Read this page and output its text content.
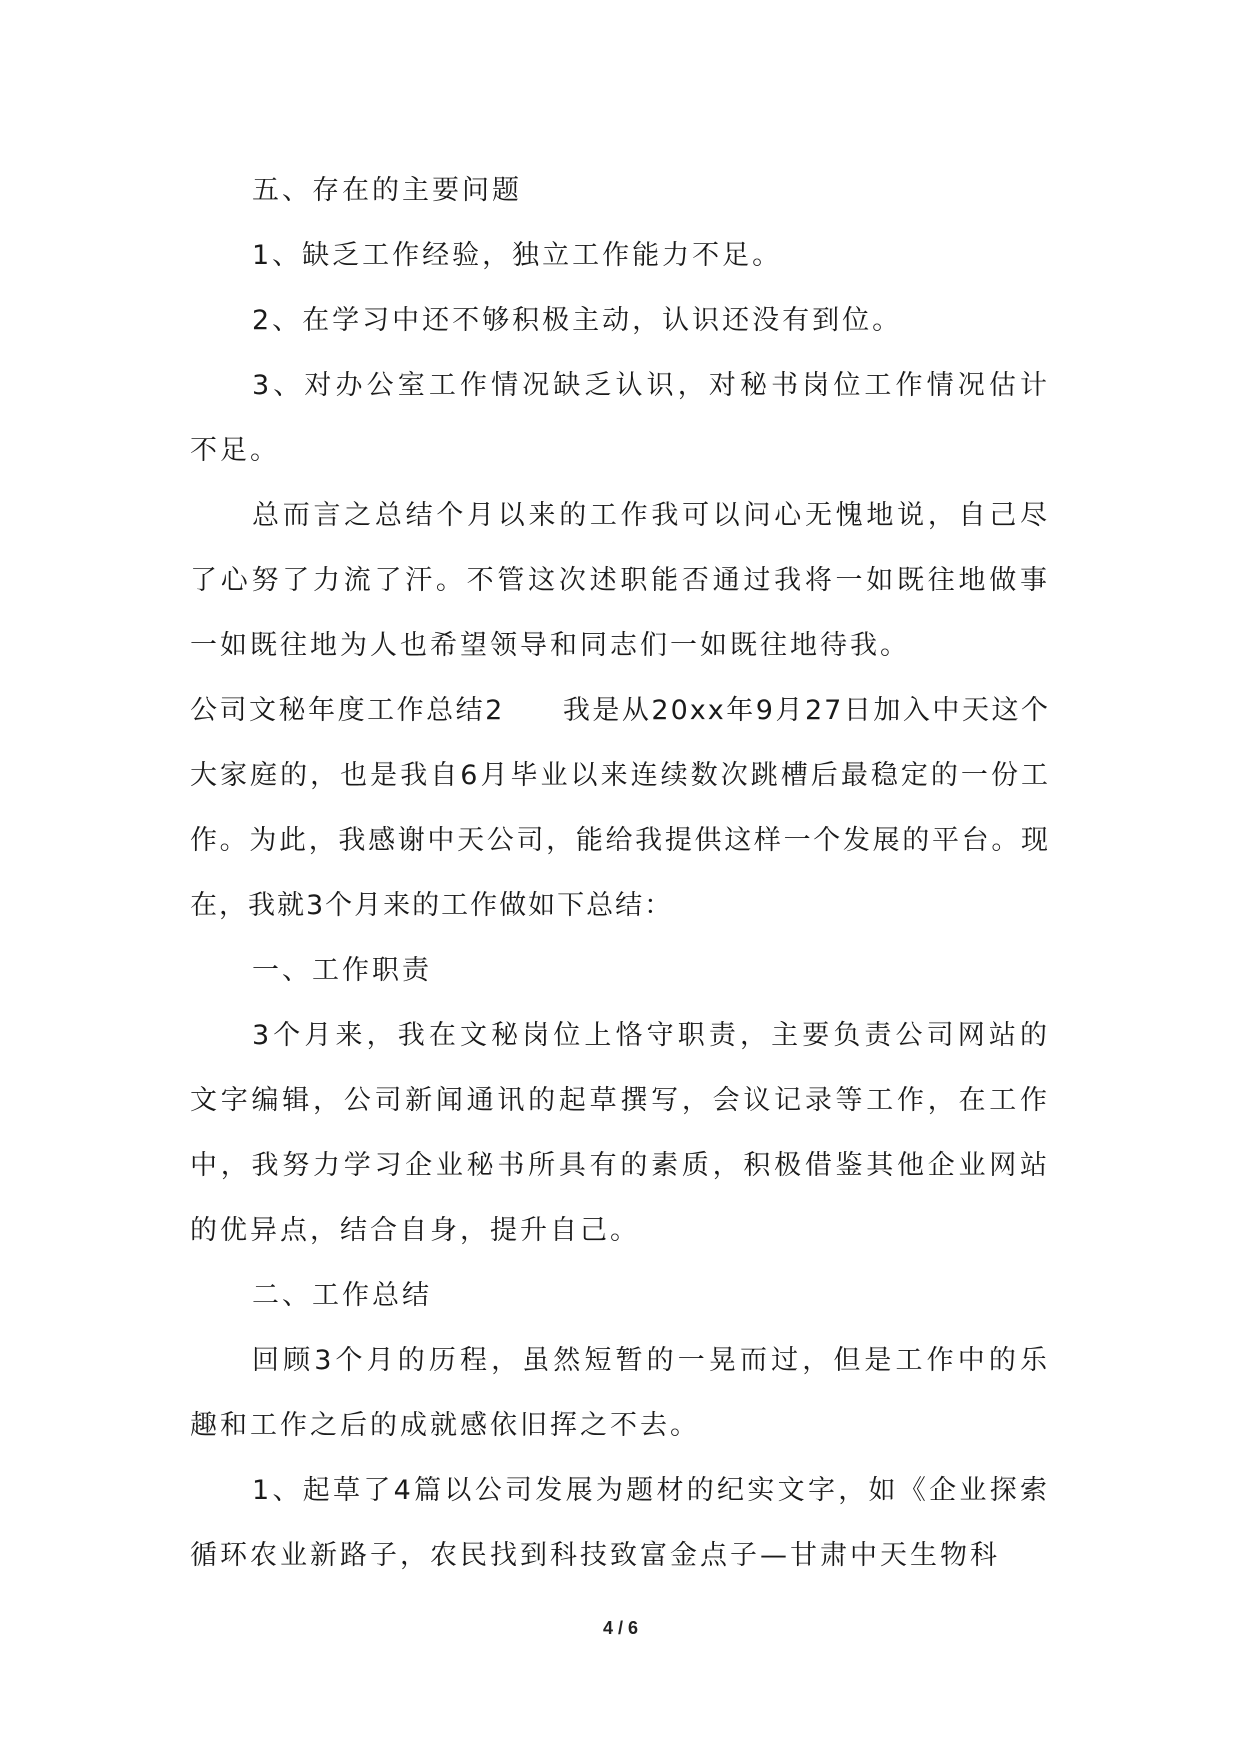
五、存在的主要问题

1、缺乏工作经验，独立工作能力不足。

2、在学习中还不够积极主动，认识还没有到位。

3、对办公室工作情况缺乏认识，对秘书岗位工作情况估计不足。

总而言之总结个月以来的工作我可以问心无愧地说，自己尽了心努了力流了汗。不管这次述职能否通过我将一如既往地做事一如既往地为人也希望领导和同志们一如既往地待我。

公司文秘年度工作总结2 我是从20xx年9月27日加入中天这个大家庭的，也是我自6月毕业以来连续数次跳槽后最稳定的一份工作。为此，我感谢中天公司，能给我提供这样一个发展的平台。现在，我就3个月来的工作做如下总结：

一、工作职责

3个月来，我在文秘岗位上恪守职责，主要负责公司网站的文字编辑，公司新闻通讯的起草撰写，会议记录等工作，在工作中，我努力学习企业秘书所具有的素质，积极借鉴其他企业网站的优异点，结合自身，提升自己。

二、工作总结

回顾3个月的历程，虽然短暂的一晃而过，但是工作中的乐趣和工作之后的成就感依旧挥之不去。

1、起草了4篇以公司发展为题材的纪实文字，如《企业探索循环农业新路子，农民找到科技致富金点子—甘肃中天生物科

4 / 6
